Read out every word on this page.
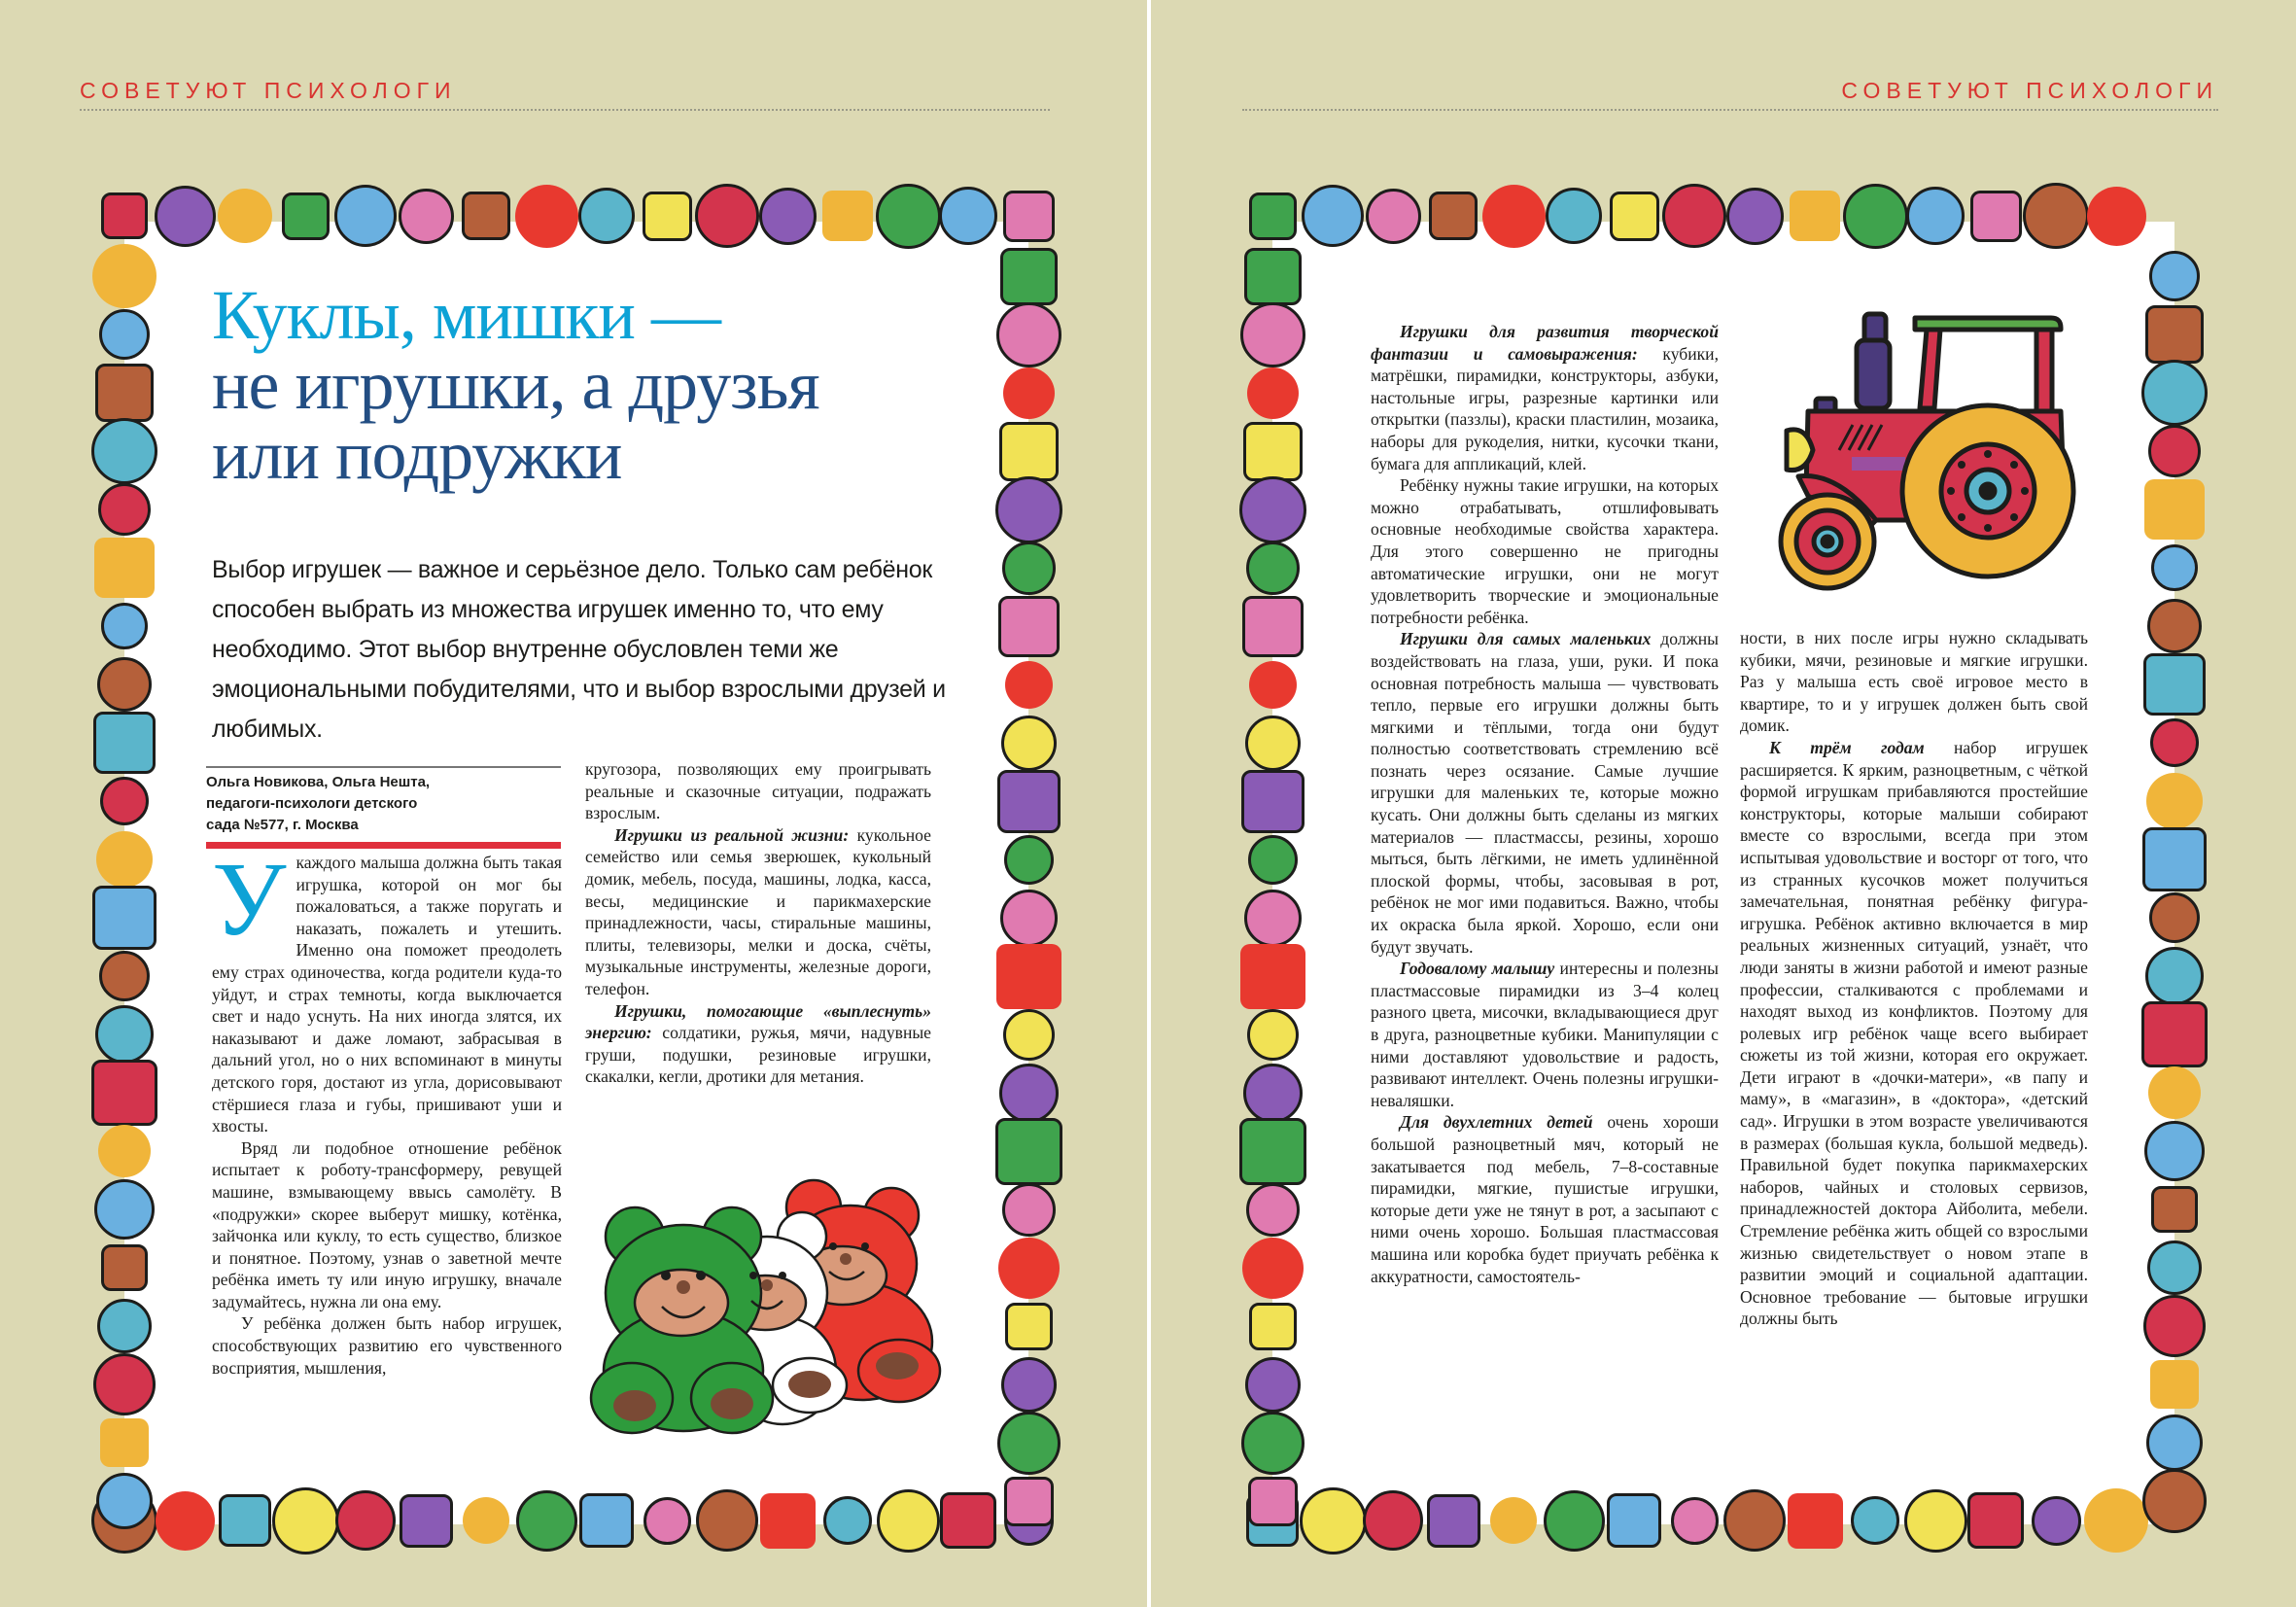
СОВЕТУЮТ ПСИХОЛОГИ	СОВЕТУЮТ ПСИХОЛОГИ
Куклы, мишки —
не игрушки, а друзья
или подружки
Выбор игрушек — важное и серьёзное дело. Только сам ребёнок способен выбрать из множества игрушек именно то, что ему необходимо. Этот выбор внутренне обусловлен теми же эмоциональными побудителями, что и выбор взрослыми друзей и любимых.
Ольга Новикова, Ольга Нешта,
педагоги-психологи детского
сада №577, г. Москва

У каждого малыша должна быть такая игрушка, которой он мог бы пожаловаться, а также поругать и наказать, пожалеть и утешить. Именно она поможет преодолеть ему страх одиночества, когда родители куда-то уйдут, и страх темноты, когда выключается свет и надо уснуть. На них иногда злятся, их наказывают и даже ломают, забрасывая в дальний угол, но о них вспоминают в минуты детского горя, достают из угла, дорисовывают стёршиеся глаза и губы, пришивают уши и хвосты.

Вряд ли подобное отношение ребёнок испытает к роботу-трансформеру, ревущей машине, взмывающему ввысь самолёту. В «подружки» скорее выберут мишку, котёнка, зайчонка или куклу, то есть существо, близкое и понятное. Поэтому, узнав о заветной мечте ребёнка иметь ту или иную игрушку, вначале задумайтесь, нужна ли она ему.

У ребёнка должен быть набор игрушек, способствующих развитию его чувственного восприятия, мышления,

кругозора, позволяющих ему проигрывать реальные и сказочные ситуации, подражать взрослым.

Игрушки из реальной жизни: кукольное семейство или семья зверюшек, кукольный домик, мебель, посуда, машины, лодка, касса, весы, медицинские и парикмахерские принадлежности, часы, стиральные машины, плиты, телевизоры, мелки и доска, счёты, музыкальные инструменты, железные дороги, телефон.

Игрушки, помогающие «выплеснуть» энергию: солдатики, ружья, мячи, надувные груши, подушки, резиновые игрушки, скакалки, кегли, дротики для метания.

Игрушки для развития творческой фантазии и самовыражения: кубики, матрёшки, пирамидки, конструкторы, азбуки, настольные игры, разрезные картинки или открытки (паззлы), краски пластилин, мозаика, наборы для рукоделия, нитки, кусочки ткани, бумага для аппликаций, клей.

Ребёнку нужны такие игрушки, на которых можно отрабатывать, отшлифовывать основные необходимые свойства характера. Для этого совершенно не пригодны автоматические игрушки, они не могут удовлетворить творческие и эмоциональные потребности ребёнка.

Игрушки для самых маленьких должны воздействовать на глаза, уши, руки. И пока основная потребность малыша — чувствовать тепло, первые его игрушки должны быть мягкими и тёплыми, тогда они будут полностью соответствовать стремлению всё познать через осязание. Самые лучшие игрушки для маленьких те, которые можно кусать. Они должны быть сделаны из мягких материалов — пластмассы, резины, хорошо мыться, быть лёгкими, не иметь удлинённой плоской формы, чтобы, засовывая в рот, ребёнок не мог ими подавиться. Важно, чтобы их окраска была яркой. Хорошо, если они будут звучать.

Годовалому малышу интересны и полезны пластмассовые пирамидки из 3–4 колец разного цвета, мисочки, вкладывающиеся друг в друга, разноцветные кубики. Манипуляции с ними доставляют удовольствие и радость, развивают интеллект. Очень полезны игрушки-неваляшки.

Для двухлетних детей очень хороши большой разноцветный мяч, который не закатывается под мебель, 7–8-составные пирамидки, мягкие, пушистые игрушки, которые дети уже не тянут в рот, а засыпают с ними очень хорошо. Большая пластмассовая машина или коробка будет приучать ребёнка к аккуратности, самостоятель-

ности, в них после игры нужно складывать кубики, мячи, резиновые и мягкие игрушки. Раз у малыша есть своё игровое место в квартире, то и у игрушек должен быть свой домик.

К трём годам набор игрушек расширяется. К ярким, разноцветным, с чёткой формой игрушкам прибавляются простейшие конструкторы, которые малыши собирают вместе со взрослыми, всегда при этом испытывая удовольствие и восторг от того, что из странных кусочков может получиться замечательная, понятная ребёнку фигура-игрушка. Ребёнок активно включается в мир реальных жизненных ситуаций, узнаёт, что люди заняты в жизни работой и имеют разные профессии, сталкиваются с проблемами и находят выход из конфликтов. Поэтому для ролевых игр ребёнок чаще всего выбирает сюжеты из той жизни, которая его окружает. Дети играют в «дочки-матери», «в папу и маму», в «магазин», в «доктора», «детский сад». Игрушки в этом возрасте увеличиваются в размерах (большая кукла, большой медведь). Правильной будет покупка парикмахерских наборов, чайных и столовых сервизов, принадлежностей доктора Айболита, мебели. Стремление ребёнка жить общей со взрослыми жизнью свидетельствует о новом этапе в развитии эмоций и социальной адаптации. Основное требование — бытовые игрушки должны быть
